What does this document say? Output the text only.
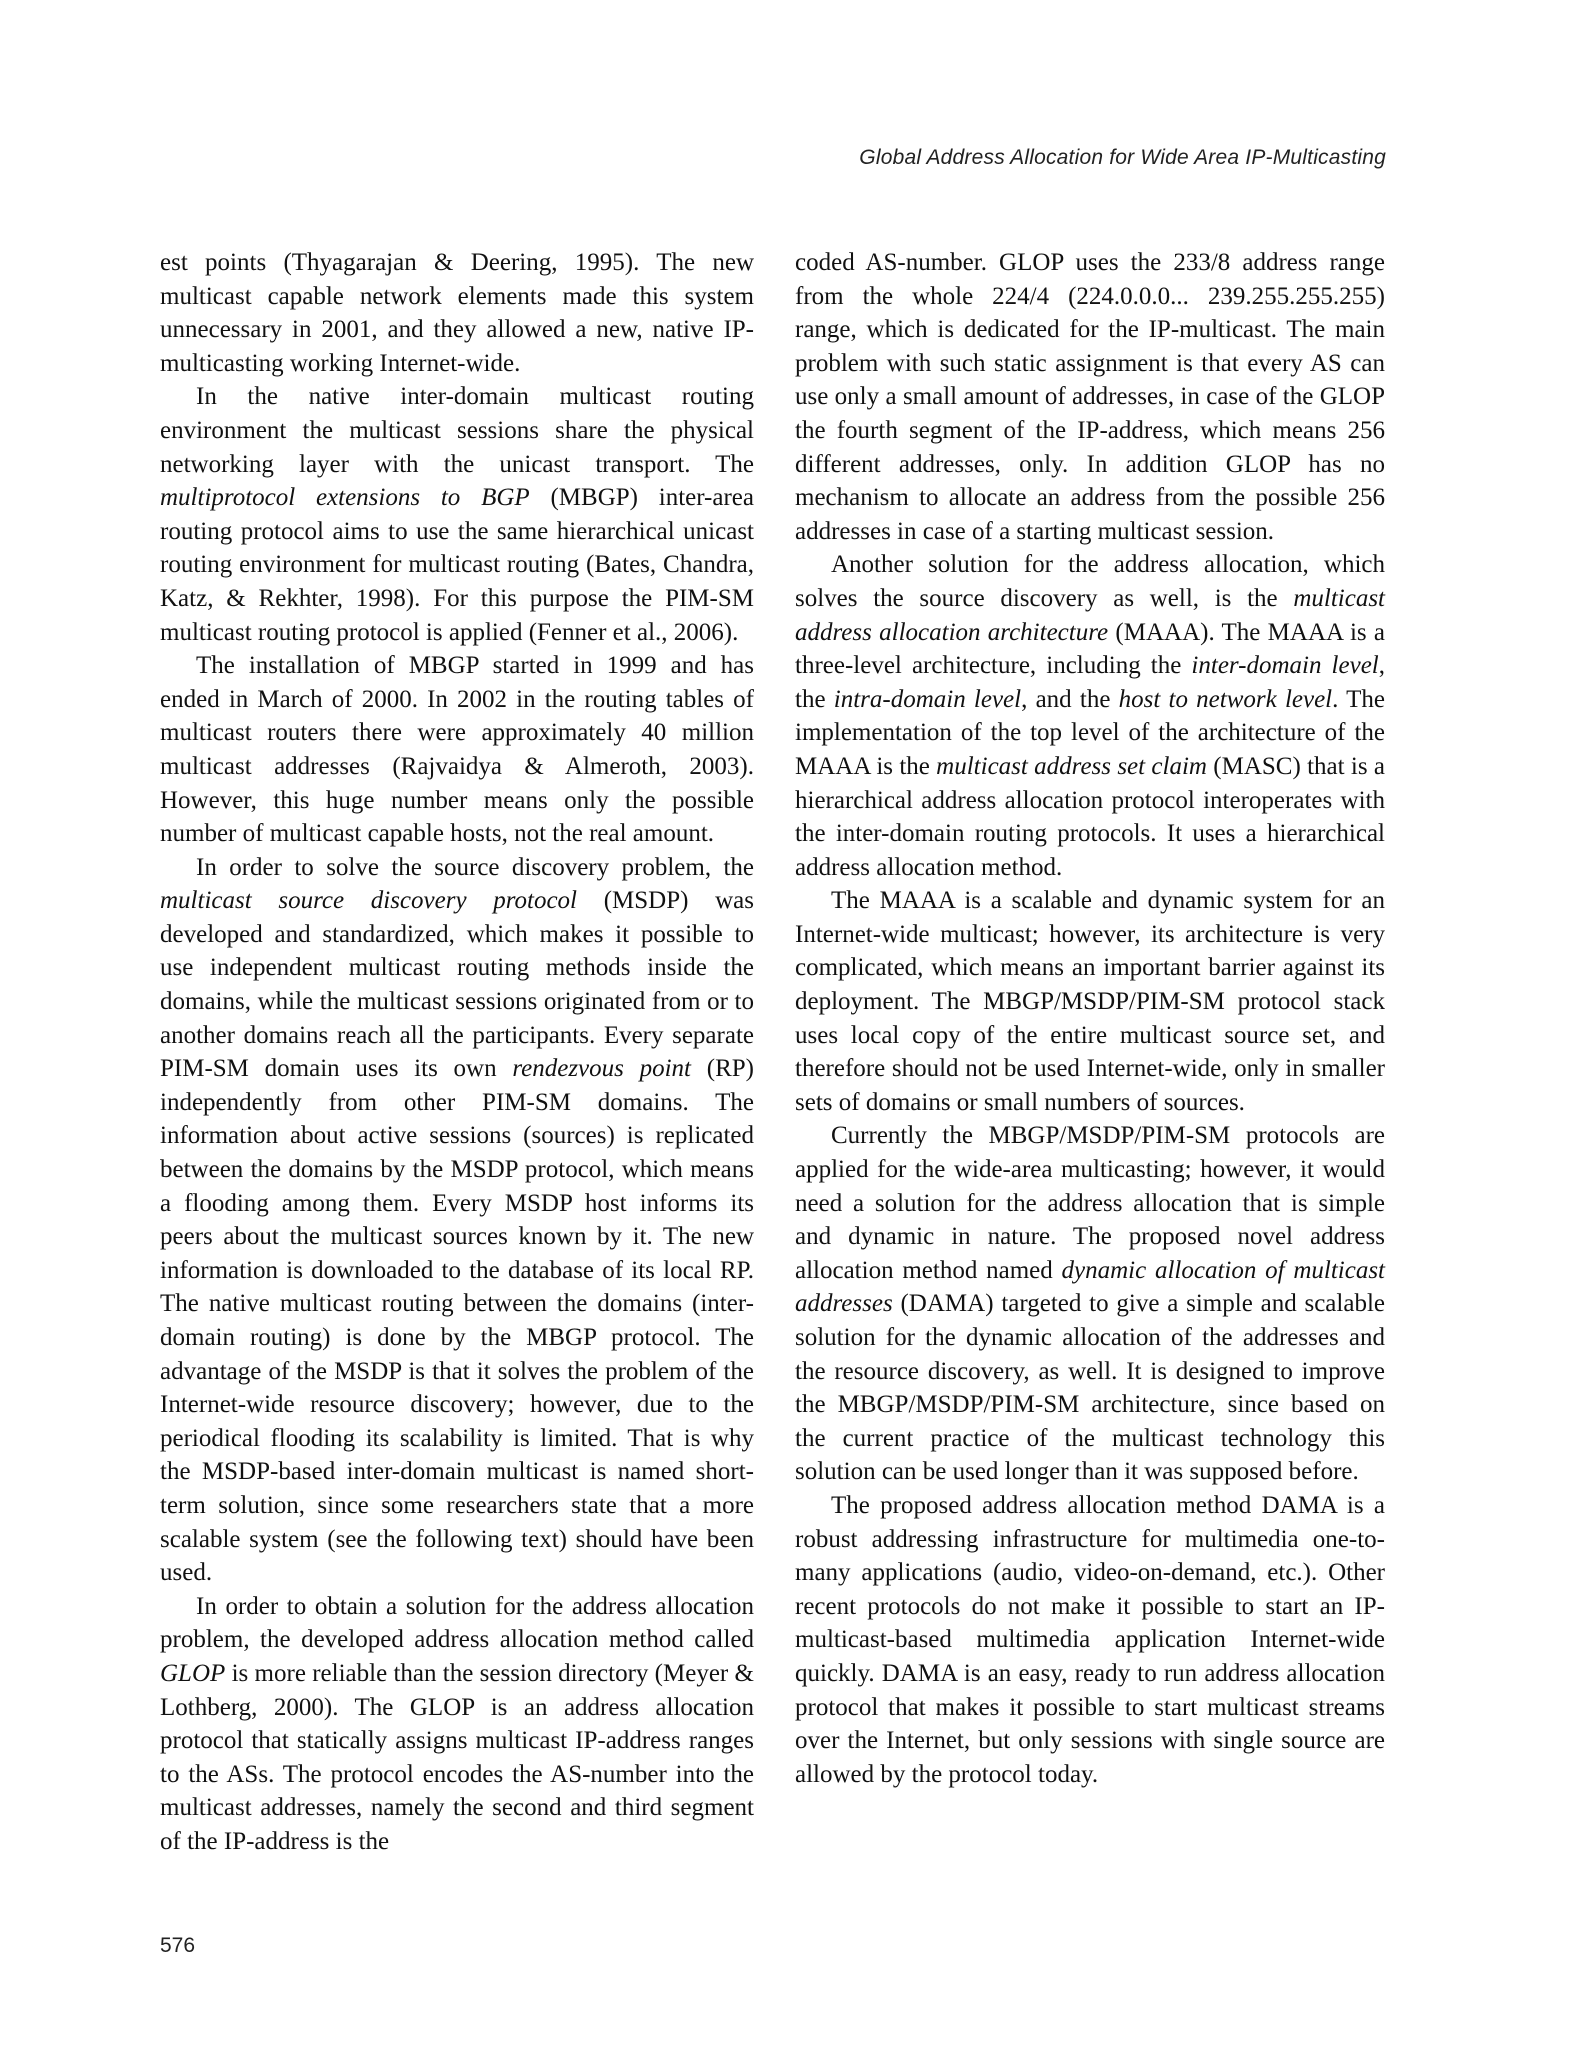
Global Address Allocation for Wide Area IP-Multicasting

est points (Thyagarajan & Deering, 1995). The new multicast capable network elements made this system unnecessary in 2001, and they allowed a new, native IP-multicasting working Internet-wide.

In the native inter-domain multicast routing environment the multicast sessions share the physical networking layer with the unicast transport. The multiprotocol extensions to BGP (MBGP) inter-area routing protocol aims to use the same hierarchical unicast routing environment for multicast routing (Bates, Chandra, Katz, & Rekhter, 1998). For this purpose the PIM-SM multicast routing protocol is applied (Fenner et al., 2006).

The installation of MBGP started in 1999 and has ended in March of 2000. In 2002 in the routing tables of multicast routers there were approximately 40 million multicast addresses (Rajvaidya & Almeroth, 2003). However, this huge number means only the possible number of multicast capable hosts, not the real amount.

In order to solve the source discovery problem, the multicast source discovery protocol (MSDP) was developed and standardized, which makes it possible to use independent multicast routing methods inside the domains, while the multicast sessions originated from or to another domains reach all the participants. Every separate PIM-SM domain uses its own rendezvous point (RP) independently from other PIM-SM domains. The information about active sessions (sources) is replicated between the domains by the MSDP protocol, which means a flooding among them. Every MSDP host informs its peers about the multicast sources known by it. The new information is downloaded to the database of its local RP. The native multicast routing between the domains (inter-domain routing) is done by the MBGP protocol. The advantage of the MSDP is that it solves the problem of the Internet-wide resource discovery; however, due to the periodical flooding its scalability is limited. That is why the MSDP-based inter-domain multicast is named short-term solution, since some researchers state that a more scalable system (see the following text) should have been used.

In order to obtain a solution for the address allocation problem, the developed address allocation method called GLOP is more reliable than the session directory (Meyer & Lothberg, 2000). The GLOP is an address allocation protocol that statically assigns multicast IP-address ranges to the ASs. The protocol encodes the AS-number into the multicast addresses, namely the second and third segment of the IP-address is the

coded AS-number. GLOP uses the 233/8 address range from the whole 224/4 (224.0.0.0... 239.255.255.255) range, which is dedicated for the IP-multicast. The main problem with such static assignment is that every AS can use only a small amount of addresses, in case of the GLOP the fourth segment of the IP-address, which means 256 different addresses, only. In addition GLOP has no mechanism to allocate an address from the possible 256 addresses in case of a starting multicast session.

Another solution for the address allocation, which solves the source discovery as well, is the multicast address allocation architecture (MAAA). The MAAA is a three-level architecture, including the inter-domain level, the intra-domain level, and the host to network level. The implementation of the top level of the architecture of the MAAA is the multicast address set claim (MASC) that is a hierarchical address allocation protocol interoperates with the inter-domain routing protocols. It uses a hierarchical address allocation method.

The MAAA is a scalable and dynamic system for an Internet-wide multicast; however, its architecture is very complicated, which means an important barrier against its deployment. The MBGP/MSDP/PIM-SM protocol stack uses local copy of the entire multicast source set, and therefore should not be used Internet-wide, only in smaller sets of domains or small numbers of sources.

Currently the MBGP/MSDP/PIM-SM protocols are applied for the wide-area multicasting; however, it would need a solution for the address allocation that is simple and dynamic in nature. The proposed novel address allocation method named dynamic allocation of multicast addresses (DAMA) targeted to give a simple and scalable solution for the dynamic allocation of the addresses and the resource discovery, as well. It is designed to improve the MBGP/MSDP/PIM-SM architecture, since based on the current practice of the multicast technology this solution can be used longer than it was supposed before.

The proposed address allocation method DAMA is a robust addressing infrastructure for multimedia one-to-many applications (audio, video-on-demand, etc.). Other recent protocols do not make it possible to start an IP-multicast-based multimedia application Internet-wide quickly. DAMA is an easy, ready to run address allocation protocol that makes it possible to start multicast streams over the Internet, but only sessions with single source are allowed by the protocol today.

576
